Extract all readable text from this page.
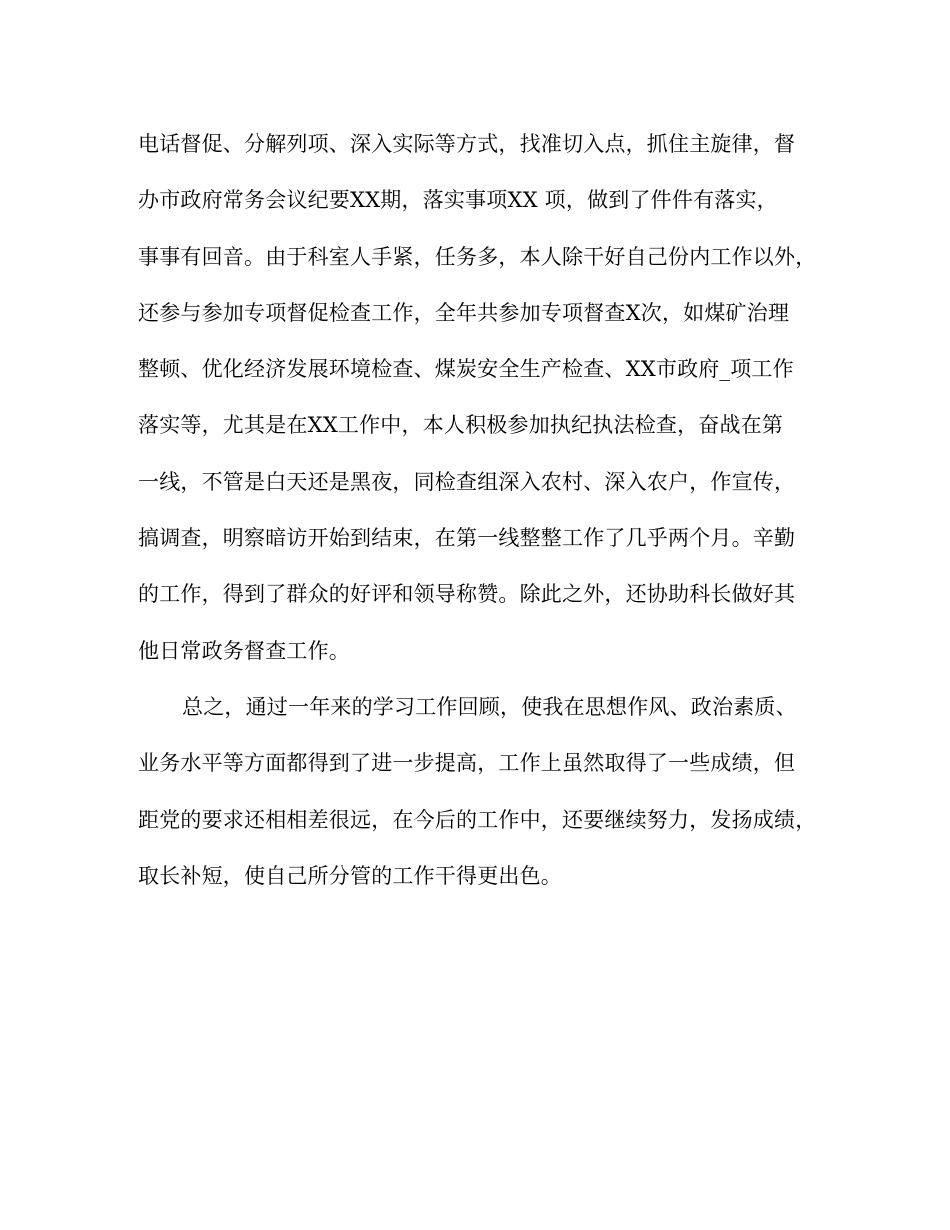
电话督促、分解列项、深入实际等方式，找准切入点，抓住主旋律，督
办市政府常务会议纪要XX期，落实事项XX 项，做到了件件有落实，
事事有回音。由于科室人手紧，任务多，本人除干好自己份内工作以外，
还参与参加专项督促检查工作，全年共参加专项督查X次，如煤矿治理
整顿、优化经济发展环境检查、煤炭安全生产检查、XX市政府_项工作
落实等，尤其是在XX工作中，本人积极参加执纪执法检查，奋战在第
一线，不管是白天还是黑夜，同检查组深入农村、深入农户，作宣传，
搞调查，明察暗访开始到结束，在第一线整整工作了几乎两个月。辛勤
的工作，得到了群众的好评和领导称赞。除此之外，还协助科长做好其
他日常政务督查工作。
总之，通过一年来的学习工作回顾，使我在思想作风、政治素质、
业务水平等方面都得到了进一步提高，工作上虽然取得了一些成绩，但
距党的要求还相相差很远，在今后的工作中，还要继续努力，发扬成绩，
取长补短，使自己所分管的工作干得更出色。
